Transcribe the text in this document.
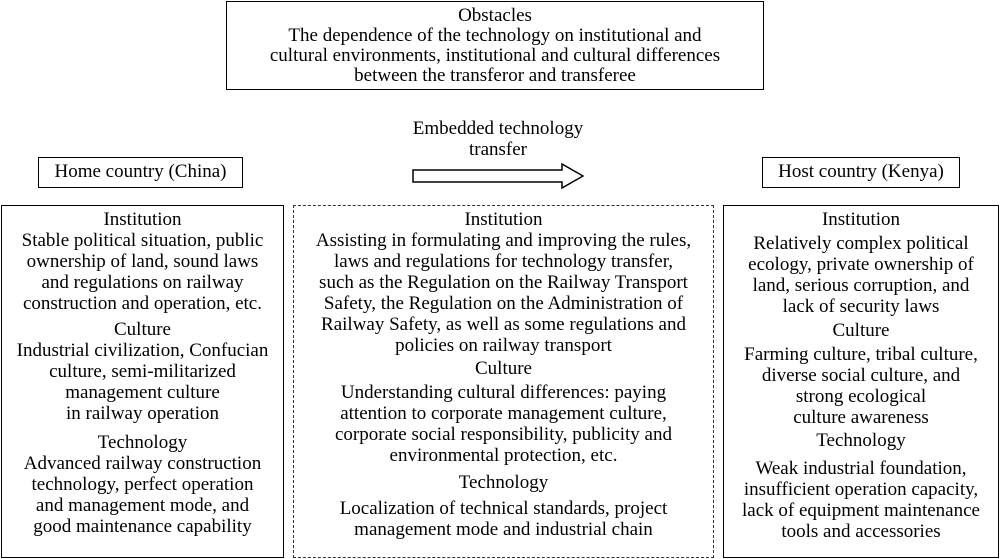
Obstacles
The dependence of the technology on institutional and
cultural environments, institutional and cultural differences
between the transferor and transferee
Embedded technology
transfer
Home country (China)	Host country (Kenya)
Institution
Stable political situation, public
ownership of land, sound laws
and regulations on railway
construction and operation, etc.
Culture
Industrial civilization, Confucian
culture, semi-militarized
management culture
in railway operation
Technology
Advanced railway construction
technology, perfect operation
and management mode, and
good maintenance capability
Institution
Assisting in formulating and improving the rules,
laws and regulations for technology transfer,
such as the Regulation on the Railway Transport
Safety, the Regulation on the Administration of
Railway Safety, as well as some regulations and
policies on railway transport
Culture
Understanding cultural differences: paying
attention to corporate management culture,
corporate social responsibility, publicity and
environmental protection, etc.
Technology
Localization of technical standards, project
management mode and industrial chain
Institution
Relatively complex political
ecology, private ownership of
land, serious corruption, and
lack of security laws
Culture
Farming culture, tribal culture,
diverse social culture, and
strong ecological
culture awareness
Technology
Weak industrial foundation,
insufficient operation capacity,
lack of equipment maintenance
tools and accessories
